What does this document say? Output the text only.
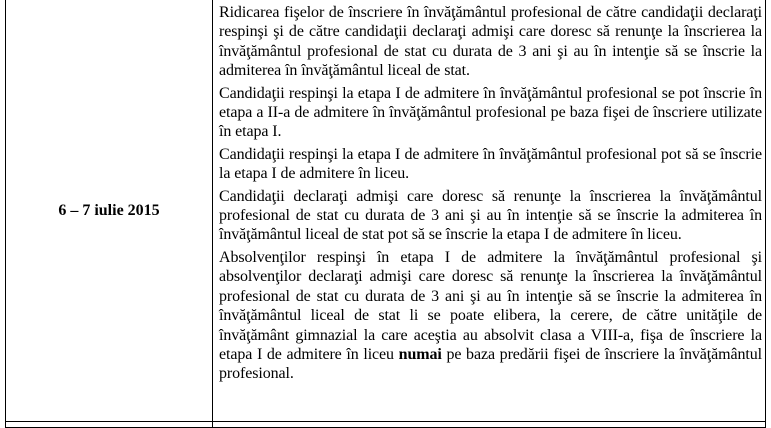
6 – 7 iulie 2015

Ridicarea fişelor de înscriere în învăţământul profesional de către candidaţii declaraţi respinşi şi de către candidaţii declaraţi admişi care doresc să renunţe la înscrierea la învăţământul profesional de stat cu durata de 3 ani şi au în intenţie să se înscrie la admiterea în învăţământul liceal de stat.

Candidaţii respinşi la etapa I de admitere în învăţământul profesional se pot înscrie în etapa a II-a de admitere în învăţământul profesional pe baza fişei de înscriere utilizate în etapa I.

Candidaţii respinşi la etapa I de admitere în învăţământul profesional pot să se înscrie la etapa I de admitere în liceu.

Candidaţii declaraţi admişi care doresc să renunţe la înscrierea la învăţământul profesional de stat cu durata de 3 ani şi au în intenţie să se înscrie la admiterea în învăţământul liceal de stat pot să se înscrie la etapa I de admitere în liceu.

Absolvenţilor respinşi în etapa I de admitere la învăţământul profesional şi absolvenţilor declaraţi admişi care doresc să renunţe la înscrierea la învăţământul profesional de stat cu durata de 3 ani şi au în intenţie să se înscrie la admiterea în învăţământul liceal de stat li se poate elibera, la cerere, de către unităţile de învăţământ gimnazial la care aceştia au absolvit clasa a VIII-a, fişa de înscriere la etapa I de admitere în liceu numai pe baza predării fişei de înscriere la învăţământul profesional.
